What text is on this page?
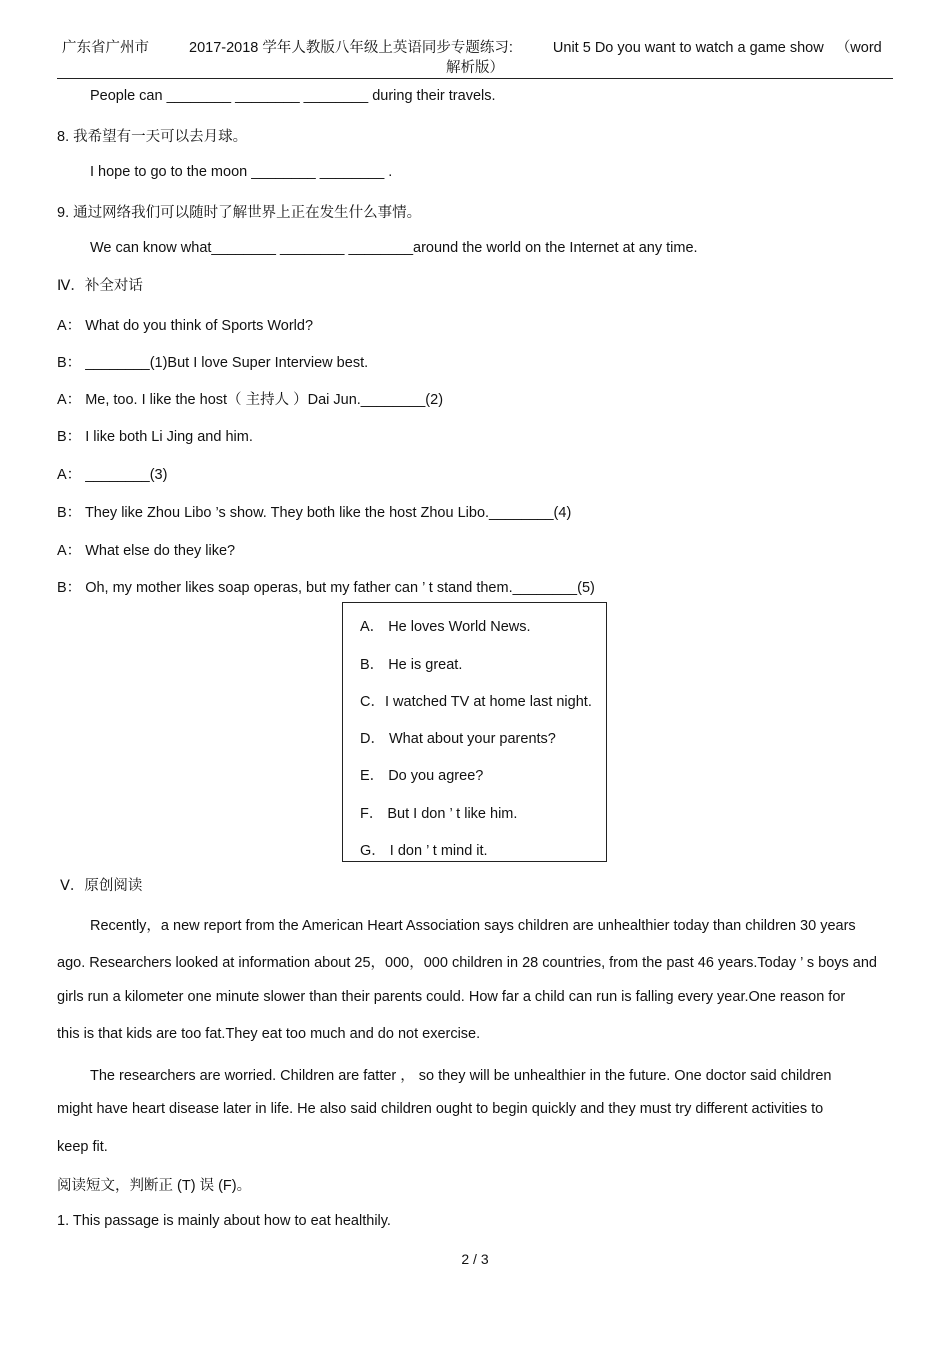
广东省广州市	2017-2018 学年人教版八年级上英语同步专题练习:	Unit 5 Do you want to watch a game show （word
解析版）
People can ________ ________ ________ during their travels.
8. 我希望有一天可以去月球。
I hope to go to the moon ________ ________ .
9. 通过网络我们可以随时了解世界上正在发生什么事情。
We can know what________ ________ ________around the world on the Internet at any time.
Ⅳ．补全对话
A： What do you think of Sports World?
B： ________(1)But I love Super Interview best.
A： Me, too. I like the host（ 主持人 ）Dai Jun.________(2)
B： I like both Li Jing and him.
A： ________(3)
B： They like Zhou Libo ’s show. They both like the host Zhou Libo.________(4)
A： What else do they like?
B： Oh, my mother likes soap operas, but my father can ’ t stand them.________(5)
A． He loves World News.
B． He is great.
C．I watched TV at home last night.
D． What about your parents?
E． Do you agree?
F． But I don ’ t like him.
G． I don ’ t mind it.
Ⅴ．原创阅读
Recently，a new report from the American Heart Association says children are unhealthier today than children 30 years
ago. Researchers looked at information about 25，000，000 children in 28 countries, from the past 46 years.Today ’ s boys and
girls run a kilometer one minute slower than their parents could. How far a child can run is falling every year.One reason for
this is that kids are too fat.They eat too much and do not exercise.
The researchers are worried. Children are fatter ， so they will be unhealthier in the future. One doctor said children
might have heart disease later in life. He also said children ought to begin quickly and they must try different activities to
keep fit.
阅读短文，判断正 (T) 误 (F)。
1. This passage is mainly about how to eat healthily.
2 / 3
